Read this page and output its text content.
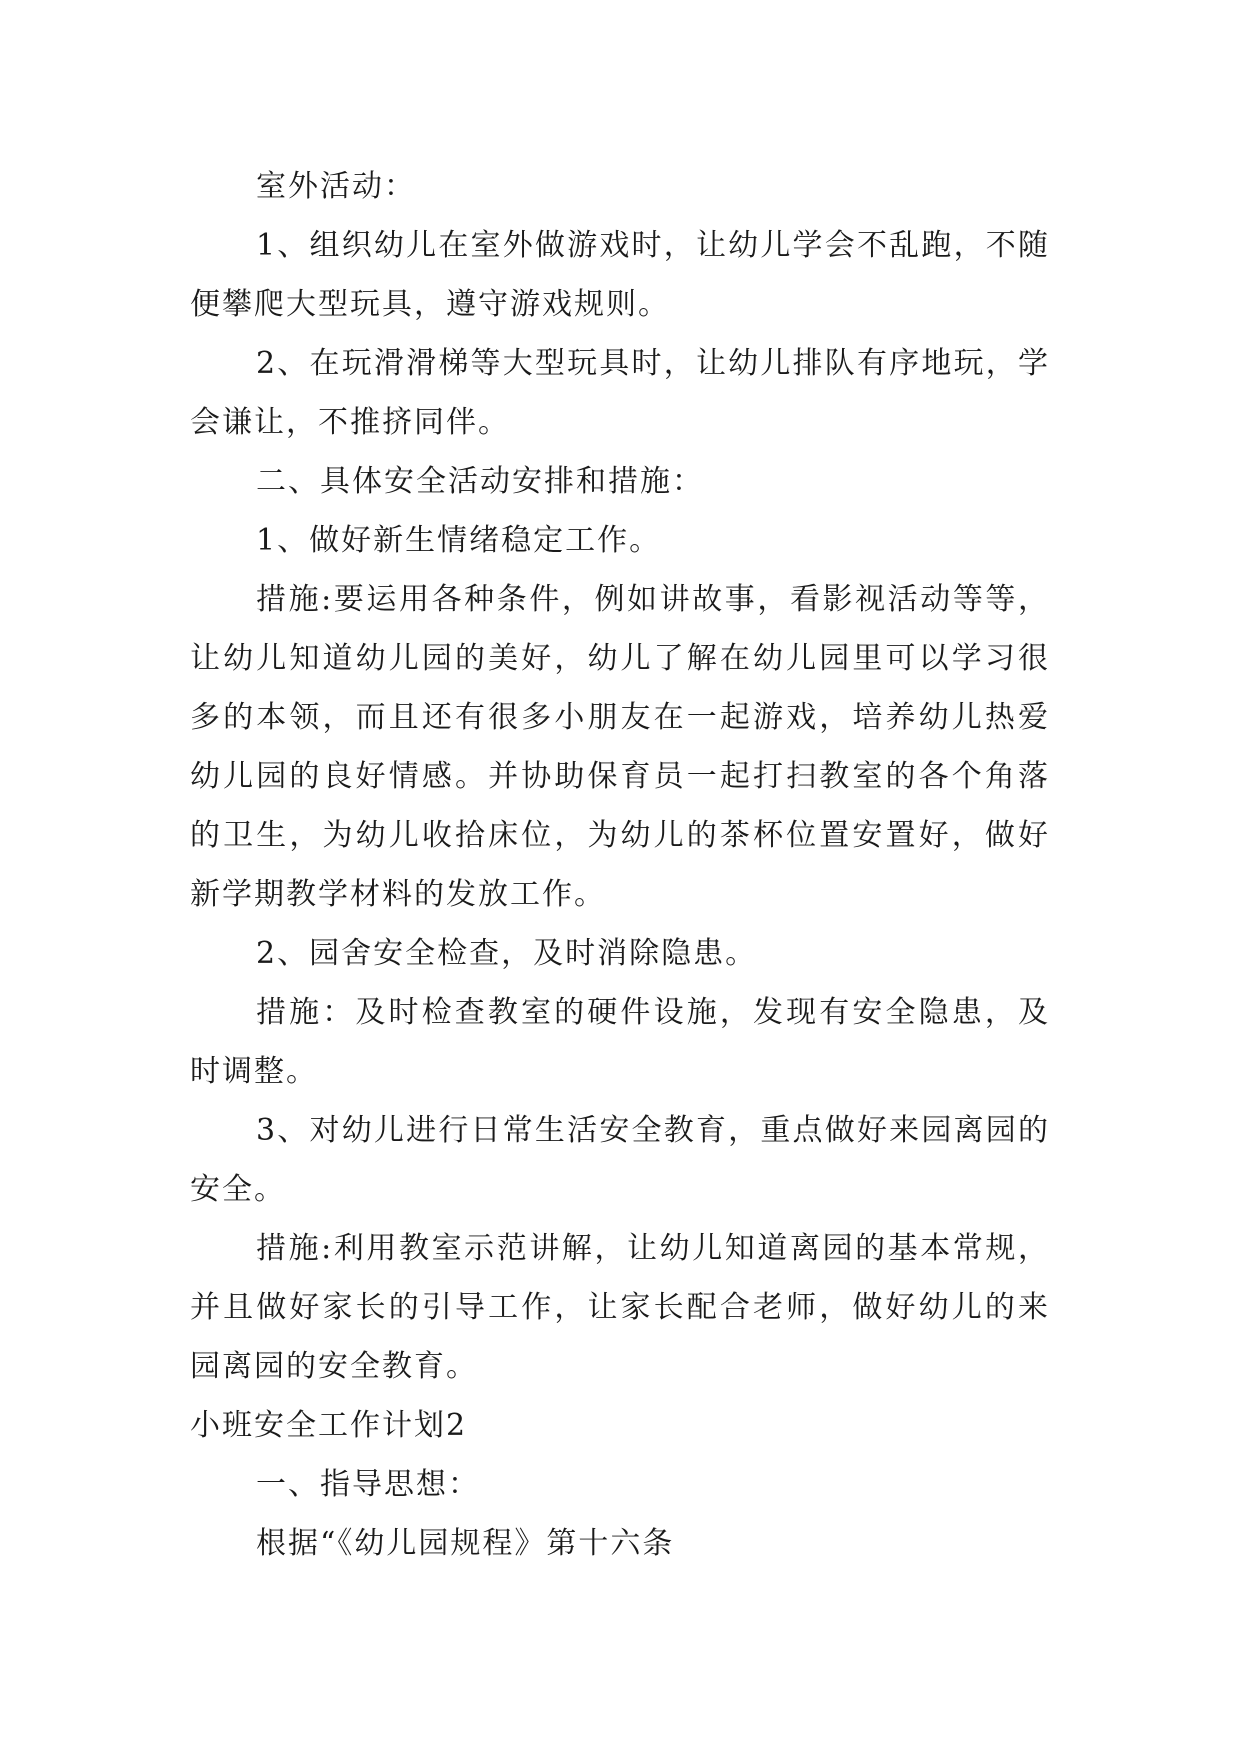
室外活动：

1、组织幼儿在室外做游戏时，让幼儿学会不乱跑，不随便攀爬大型玩具，遵守游戏规则。

2、在玩滑滑梯等大型玩具时，让幼儿排队有序地玩，学会谦让，不推挤同伴。

二、具体安全活动安排和措施：

1、做好新生情绪稳定工作。

措施:要运用各种条件，例如讲故事，看影视活动等等，让幼儿知道幼儿园的美好，幼儿了解在幼儿园里可以学习很多的本领，而且还有很多小朋友在一起游戏，培养幼儿热爱幼儿园的良好情感。并协助保育员一起打扫教室的各个角落的卫生，为幼儿收拾床位，为幼儿的茶杯位置安置好，做好新学期教学材料的发放工作。

2、园舍安全检查，及时消除隐患。

措施：及时检查教室的硬件设施，发现有安全隐患，及时调整。

3、对幼儿进行日常生活安全教育，重点做好来园离园的安全。

措施:利用教室示范讲解，让幼儿知道离园的基本常规，并且做好家长的引导工作，让家长配合老师，做好幼儿的来园离园的安全教育。

小班安全工作计划2

一、指导思想：

根据“《幼儿园规程》第十六条
